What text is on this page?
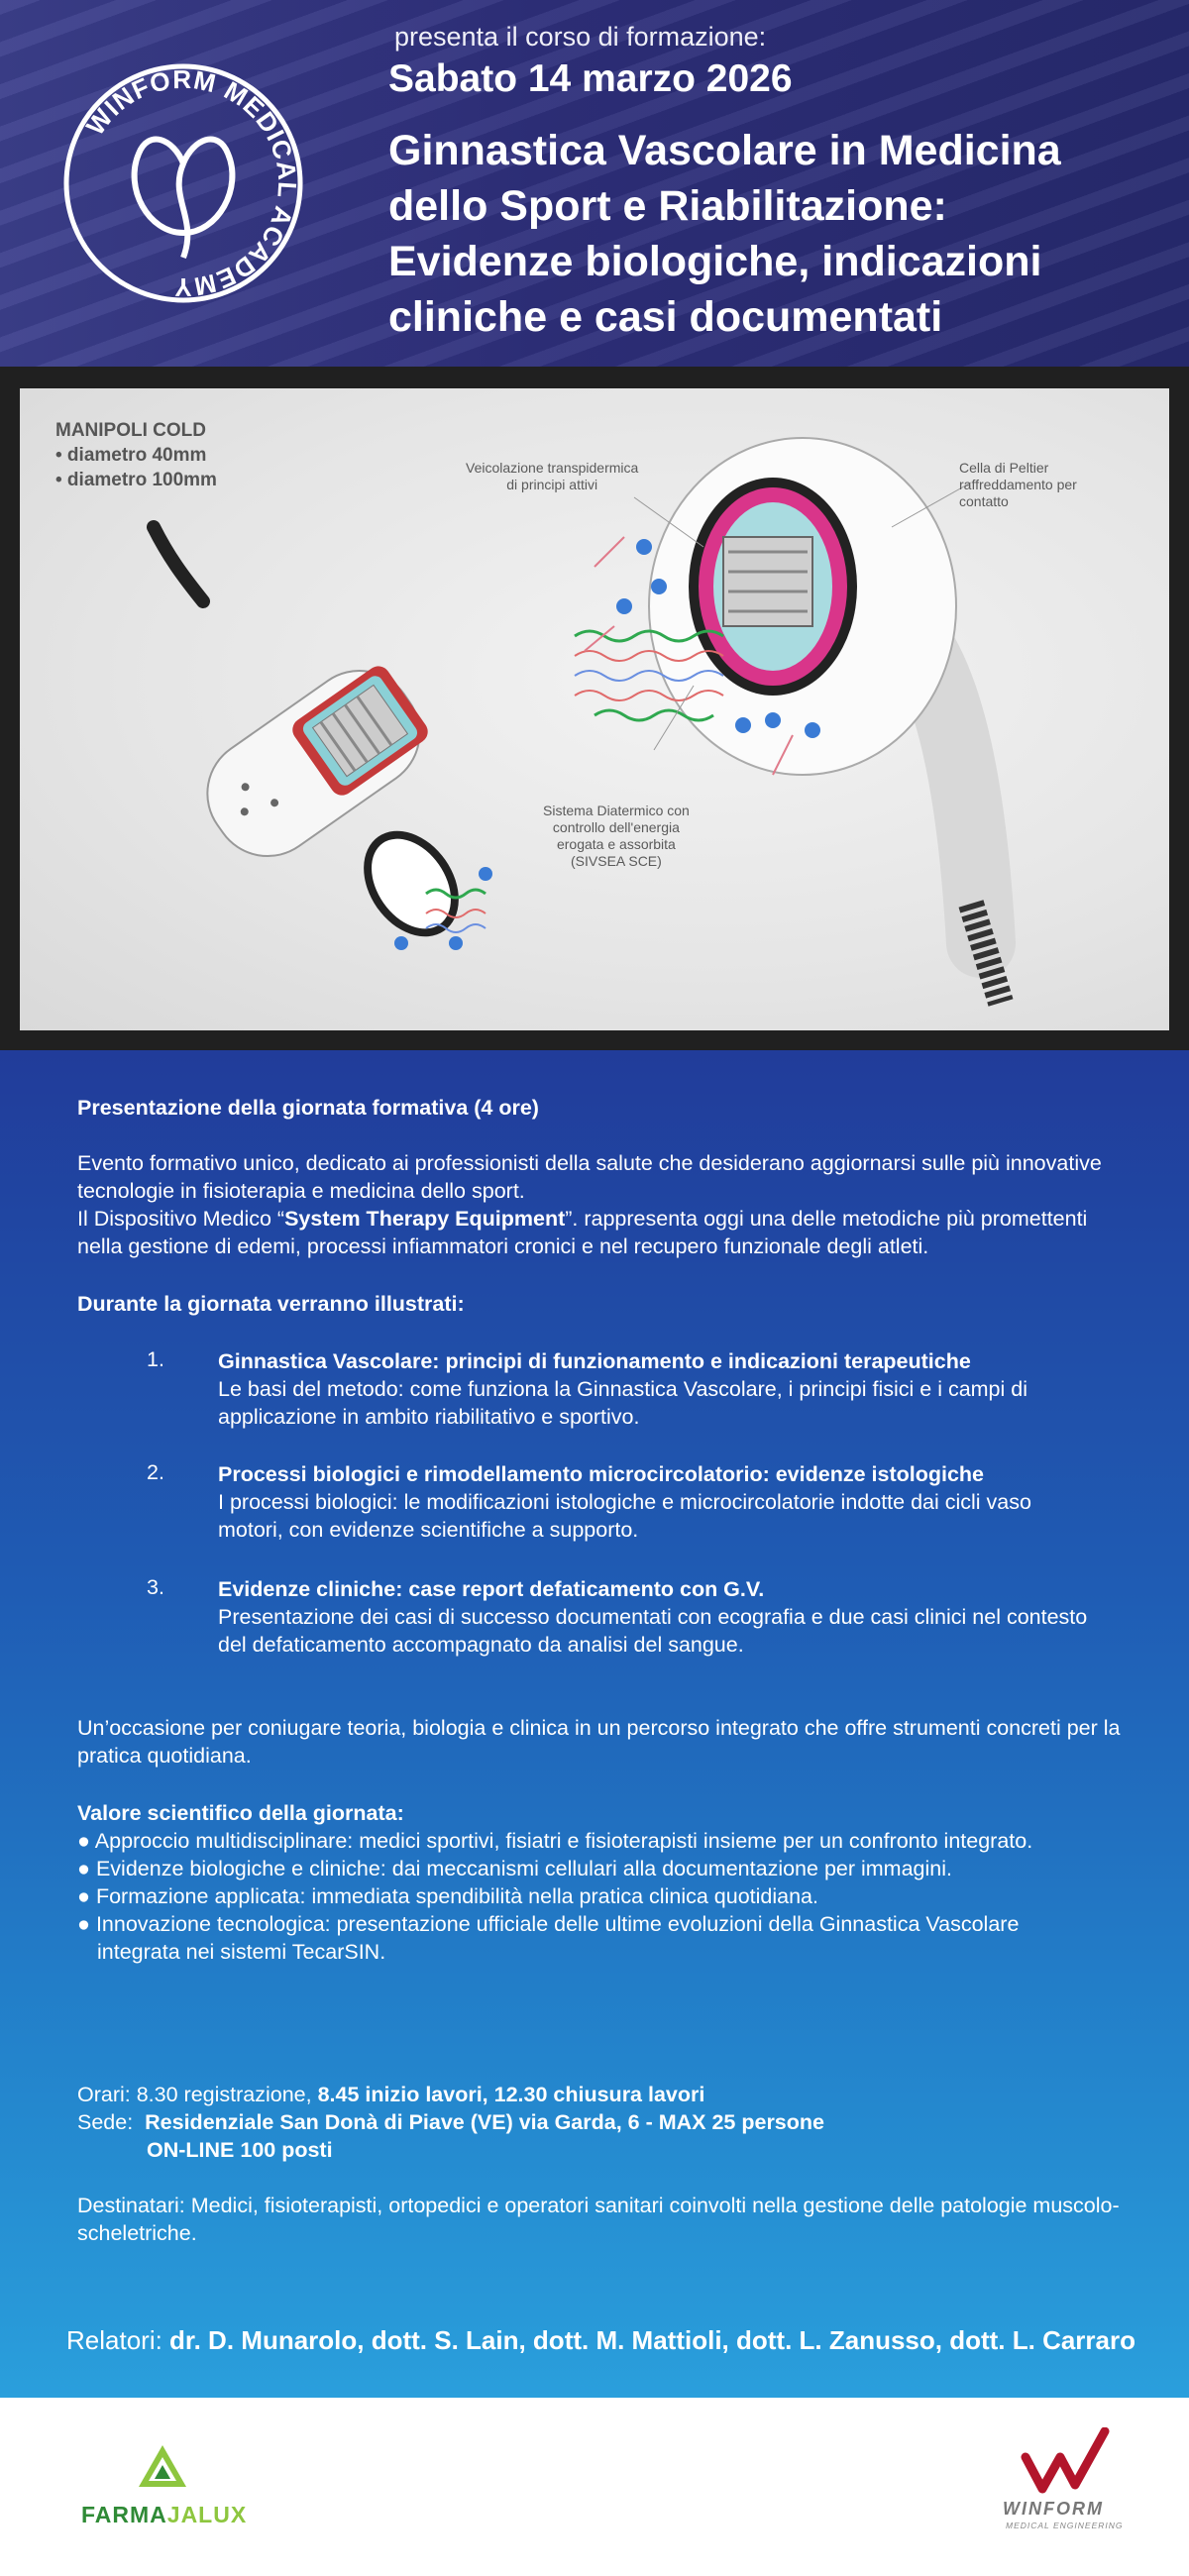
WINFORM MEDICAL ACADEMY
presenta il corso di formazione:
Sabato 14 marzo 2026
Ginnastica Vascolare in Medicina
dello Sport e Riabilitazione:
Evidenze biologiche, indicazioni
cliniche e casi documentati
MANIPOLI COLD
• diametro 40mm
• diametro 100mm
Veicolazione transpidermica
di principi attivi
Cella di Peltier
raffreddamento per
contatto
Sistema Diatermico con
controllo dell'energia
erogata e assorbita
(SIVSEA SCE)
Presentazione della giornata formativa (4 ore)
Evento formativo unico, dedicato ai professionisti della salute che desiderano aggiornarsi sulle più innovative tecnologie in fisioterapia e medicina dello sport.
Il Dispositivo Medico “System Therapy Equipment”. rappresenta oggi una delle metodiche più promettenti nella gestione di edemi, processi infiammatori cronici e nel recupero funzionale degli atleti.
Durante la giornata verranno illustrati:
1.	Ginnastica Vascolare: principi di funzionamento e indicazioni terapeutiche
Le basi del metodo: come funziona la Ginnastica Vascolare, i principi fisici e i campi di applicazione in ambito riabilitativo e sportivo.
2.	Processi biologici e rimodellamento microcircolatorio: evidenze istologiche
I processi biologici: le modificazioni istologiche e microcircolatorie indotte dai cicli vaso motori, con evidenze scientifiche a supporto.
3.	Evidenze cliniche: case report defaticamento con G.V.
Presentazione dei casi di successo documentati con ecografia e due casi clinici nel contesto del defaticamento accompagnato da analisi del sangue.
Un’occasione per coniugare teoria, biologia e clinica in un percorso integrato che offre strumenti concreti per la pratica quotidiana.
Valore scientifico della giornata:
● Approccio multidisciplinare: medici sportivi, fisiatri e fisioterapisti insieme per un confronto integrato.
● Evidenze biologiche e cliniche: dai meccanismi cellulari alla documentazione per immagini.
● Formazione applicata: immediata spendibilità nella pratica clinica quotidiana.
● Innovazione tecnologica: presentazione ufficiale delle ultime evoluzioni della Ginnastica Vascolare integrata nei sistemi TecarSIN.
Orari: 8.30 registrazione, 8.45 inizio lavori, 12.30 chiusura lavori
Sede: Residenziale San Donà di Piave (VE) via Garda, 6 - MAX 25 persone
ON-LINE 100 posti
Destinatari: Medici, fisioterapisti, ortopedici e operatori sanitari coinvolti nella gestione delle patologie muscolo-scheletriche.
Relatori: dr. D. Munarolo, dott. S. Lain, dott. M. Mattioli, dott. L. Zanusso, dott. L. Carraro
FARMAJALUX	WINFORM
MEDICAL ENGINEERING
